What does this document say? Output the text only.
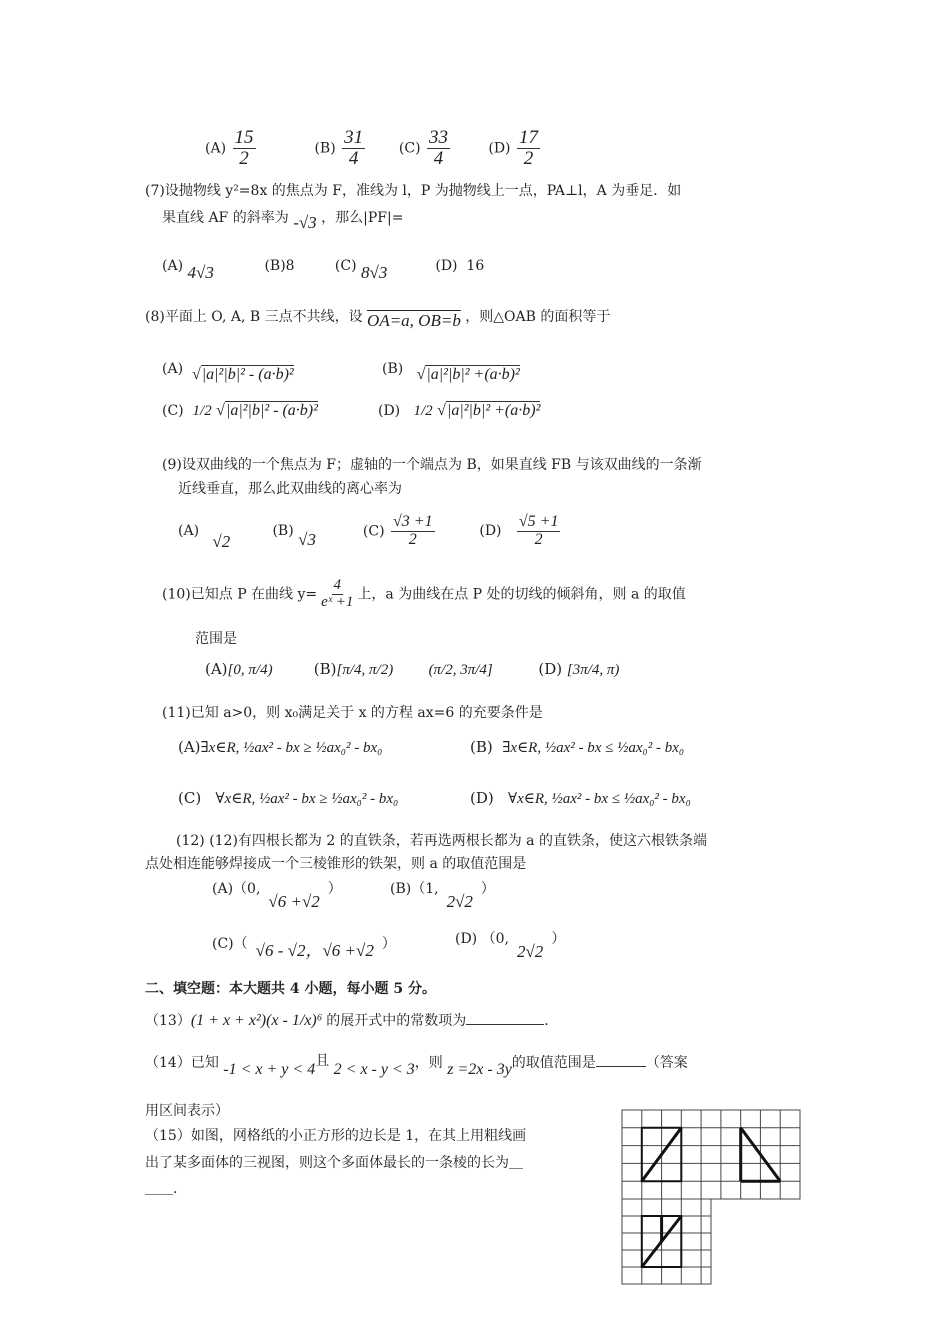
$(A) \frac{15}{2}$	$(B) \frac{31}{4} (C) \frac{33}{4}$	$(D) \frac{17}{2}$
(7)设抛物线 y²=8x 的焦点为 F，准线为 l，P 为抛物线上一点，PA⊥l，A 为垂足．如
果直线 AF 的斜率为 -√3 ，那么|PF|=
(A) 4√3	(B)8	(C) 8√3	(D) 16
(8)平面上 O, A, B 三点不共线，设 OA=a, OB=b ，则△OAB 的面积等于
(A) √|a|²|b|² - (a·b)²	(B) √|a|²|b|² +(a·b)²
(C) 1/2 √|a|²|b|² - (a·b)²	(D) 1/2 √|a|²|b|² +(a·b)²
(9)设双曲线的一个焦点为 F；虚轴的一个端点为 B，如果直线 FB 与该双曲线的一条渐
近线垂直，那么此双曲线的离心率为
(A)   √2 (B) √3	$(C) \frac{√3 +1}{2}$	$(D) \frac{√5 +1}{2}$
(10)已知点 P 在曲线 $y= \frac{4}{\text{eˣ +1}}$ 上，a 为曲线在点 P 处的切线的倾斜角，则 a 的取值
范围是
(A)[0, π/4)	(B)[π/4, π/2) (π/2, 3π/4]	(D) [3π/4, π)
(11)已知 a>0，则 x₀满足关于 x 的方程 ax=6 的充要条件是
(A)∃x∈R, ½ax² - bx ≥ ½ax₀² - bx₀	(B) ∃x∈R, ½ax² - bx ≤ ½ax₀² - bx₀
(C) ∀x∈R, ½ax² - bx ≥ ½ax₀² - bx₀	(D) ∀x∈R, ½ax² - bx ≤ ½ax₀² - bx₀
(12) (12)有四根长都为 2 的直铁条，若再选两根长都为 a 的直铁条，使这六根铁条端
点处相连能够焊接成一个三棱锥形的铁架，则 a 的取值范围是
(A)（0,√6 +√2）	(B)（1,2√2）
(C)（ √6 - √2，√6 +√2 ）	(D) （0,2√2）
二、填空题：本大题共 4 小题，每小题 5 分。
（13）(1 + x + x²)(x - 1/x)⁶ 的展开式中的常数项为	.
（14）已知 -1 < x + y < 4且 2 < x - y < 3，则 z =2x - 3y的取值范围是	（答案
用区间表示）
（15）如图，网格纸的小正方形的边长是 1，在其上用粗线画
出了某多面体的三视图，则这个多面体最长的一条棱的长为＿
＿＿.
